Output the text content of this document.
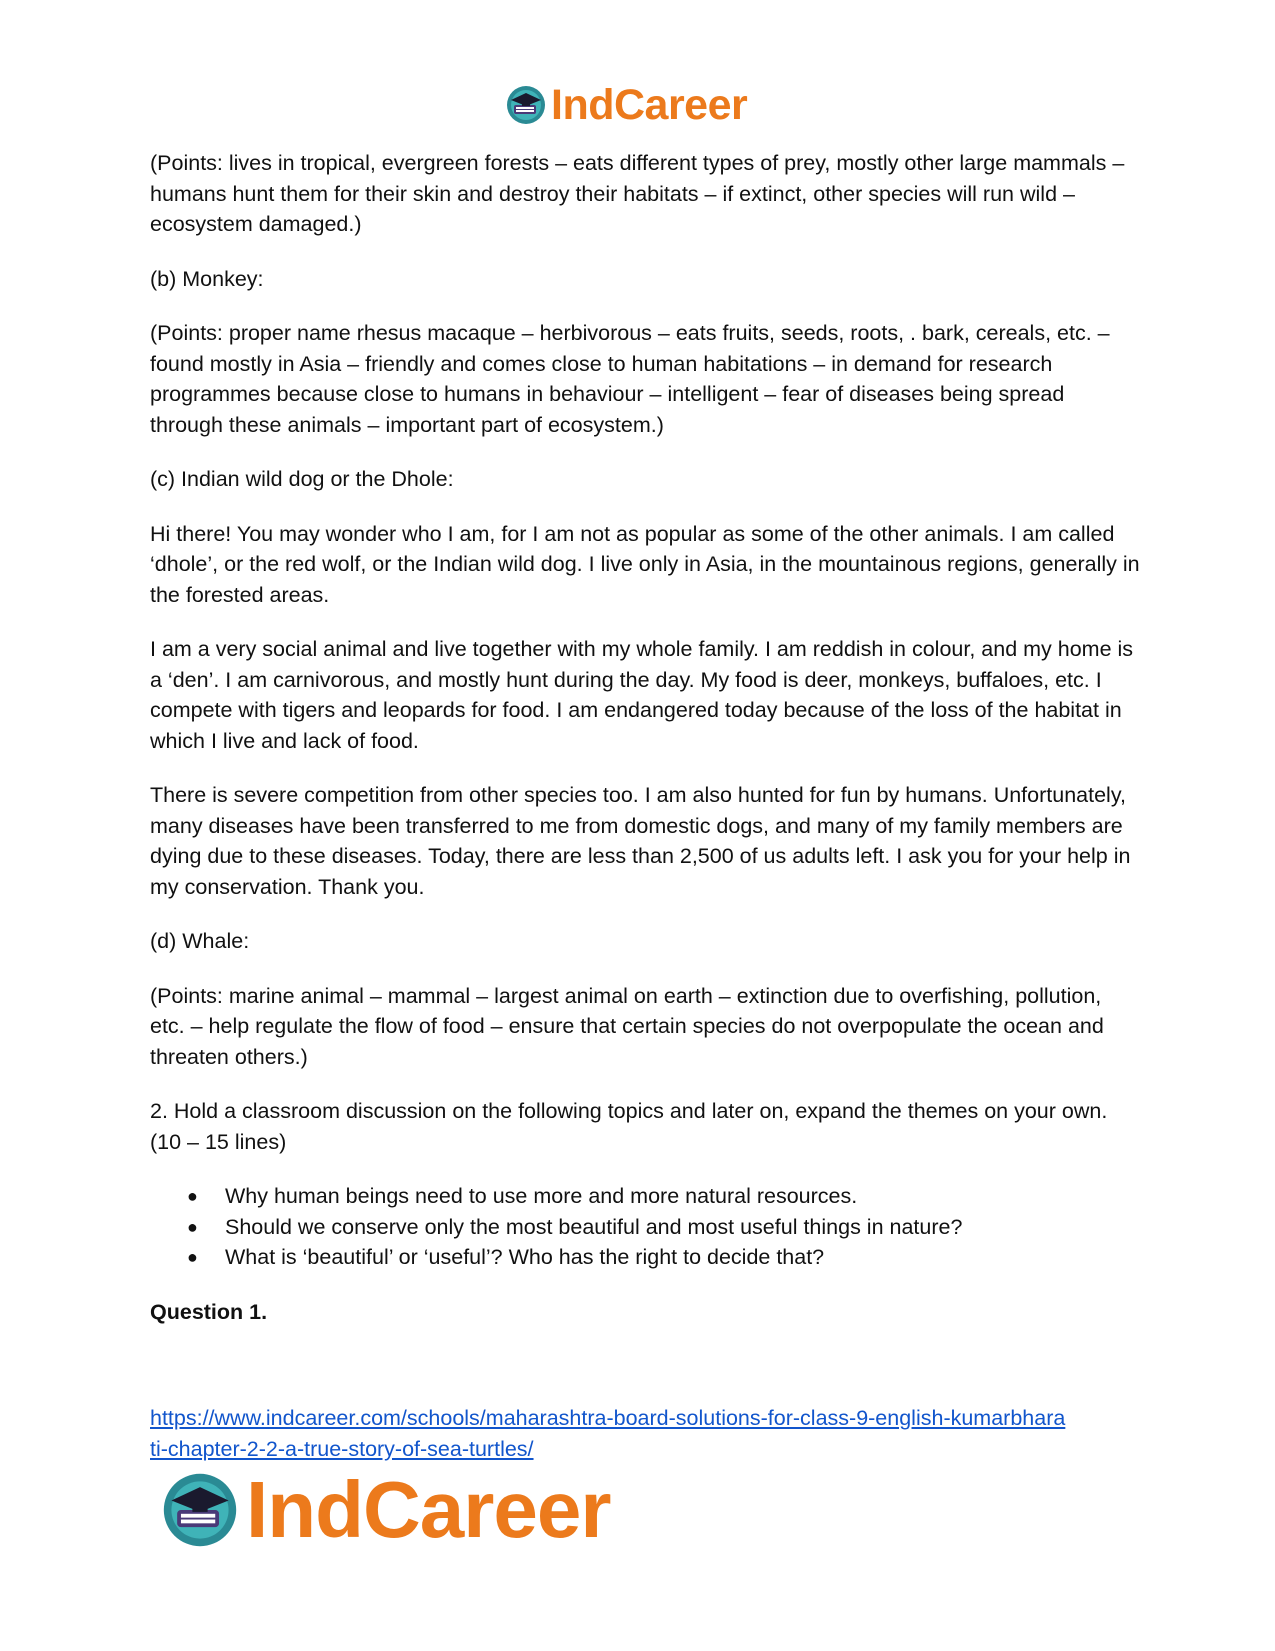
IndCareer

(Points: lives in tropical, evergreen forests – eats different types of prey, mostly other large mammals – humans hunt them for their skin and destroy their habitats – if extinct, other species will run wild – ecosystem damaged.)

(b) Monkey:

(Points: proper name rhesus macaque – herbivorous – eats fruits, seeds, roots, . bark, cereals, etc. – found mostly in Asia – friendly and comes close to human habitations – in demand for research programmes because close to humans in behaviour – intelligent – fear of diseases being spread through these animals – important part of ecosystem.)

(c) Indian wild dog or the Dhole:

Hi there! You may wonder who I am, for I am not as popular as some of the other animals. I am called ‘dhole’, or the red wolf, or the Indian wild dog. I live only in Asia, in the mountainous regions, generally in the forested areas.

I am a very social animal and live together with my whole family. I am reddish in colour, and my home is a ‘den’. I am carnivorous, and mostly hunt during the day. My food is deer, monkeys, buffaloes, etc. I compete with tigers and leopards for food. I am endangered today because of the loss of the habitat in which I live and lack of food.

There is severe competition from other species too. I am also hunted for fun by humans. Unfortunately, many diseases have been transferred to me from domestic dogs, and many of my family members are dying due to these diseases. Today, there are less than 2,500 of us adults left. I ask you for your help in my conservation. Thank you.

(d) Whale:

(Points: marine animal – mammal – largest animal on earth – extinction due to overfishing, pollution, etc. – help regulate the flow of food – ensure that certain species do not overpopulate the ocean and threaten others.)

2. Hold a classroom discussion on the following topics and later on, expand the themes on your own. (10 – 15 lines)

● Why human beings need to use more and more natural resources.
● Should we conserve only the most beautiful and most useful things in nature?
● What is ‘beautiful’ or ‘useful’? Who has the right to decide that?

Question 1.

https://www.indcareer.com/schools/maharashtra-board-solutions-for-class-9-english-kumarbhara
ti-chapter-2-2-a-true-story-of-sea-turtles/
IndCareer
